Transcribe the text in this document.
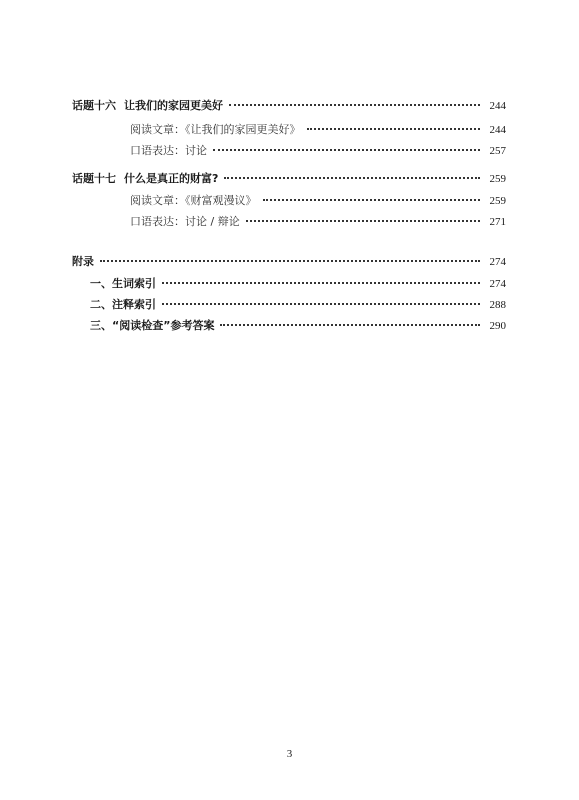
话题十六 让我们的家园更美好	244
阅读文章：《让我们的家园更美好》	244
口语表达：讨论	257
话题十七 什么是真正的财富?	259
阅读文章：《财富观漫议》	259
口语表达：讨论 / 辩论	271
附录	274
一、生词索引	274
二、注释索引	288
三、“阅读检查”参考答案	290
3
